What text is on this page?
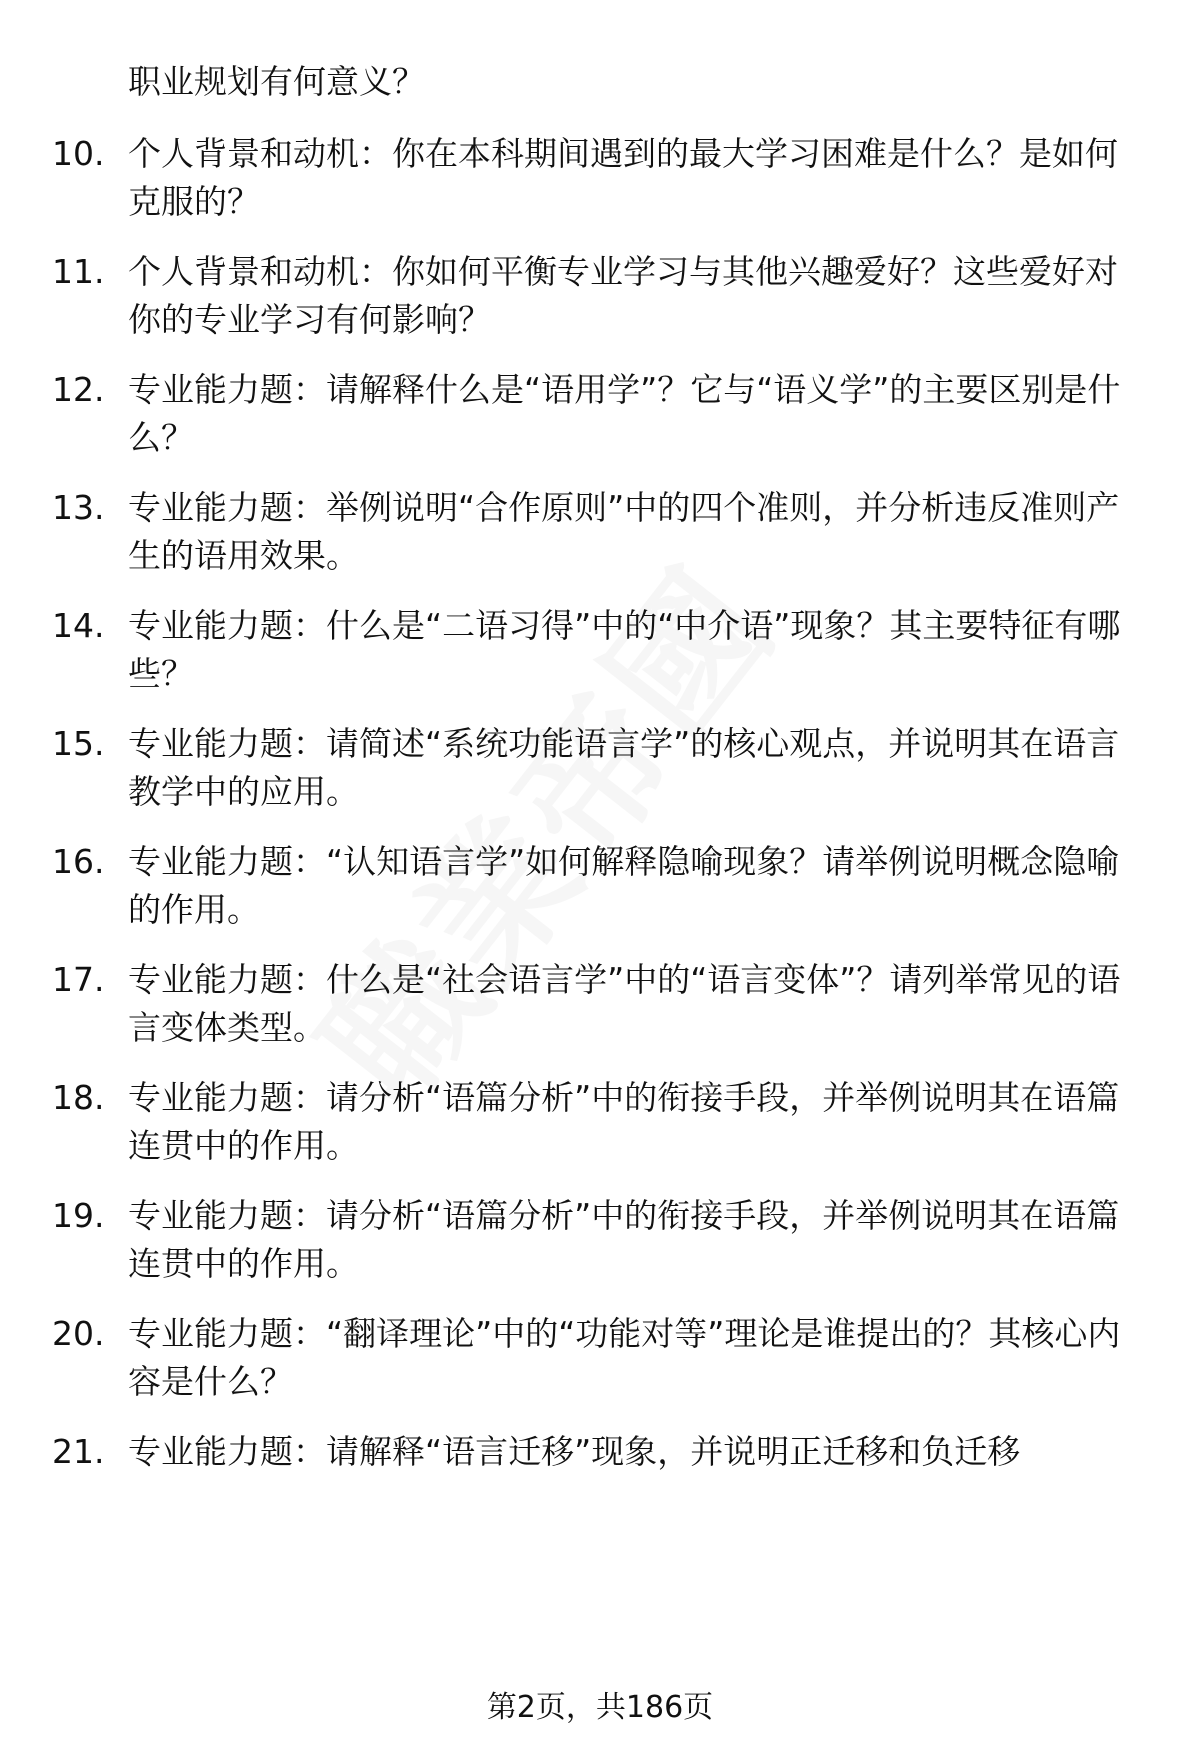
职业规划有何意义？

10. 个人背景和动机：你在本科期间遇到的最大学习困难是什么？是如何克服的？

11. 个人背景和动机：你如何平衡专业学习与其他兴趣爱好？这些爱好对你的专业学习有何影响？

12. 专业能力题：请解释什么是“语用学”？它与“语义学”的主要区别是什么？

13. 专业能力题：举例说明“合作原则”中的四个准则，并分析违反准则产生的语用效果。

14. 专业能力题：什么是“二语习得”中的“中介语”现象？其主要特征有哪些？

15. 专业能力题：请简述“系统功能语言学”的核心观点，并说明其在语言教学中的应用。

16. 专业能力题：“认知语言学”如何解释隐喻现象？请举例说明概念隐喻的作用。

17. 专业能力题：什么是“社会语言学”中的“语言变体”？请列举常见的语言变体类型。

18. 专业能力题：请分析“语篇分析”中的衔接手段，并举例说明其在语篇连贯中的作用。

19. 专业能力题：请分析“语篇分析”中的衔接手段，并举例说明其在语篇连贯中的作用。

20. 专业能力题：“翻译理论”中的“功能对等”理论是谁提出的？其核心内容是什么？

21. 专业能力题：请解释“语言迁移”现象，并说明正迁移和负迁移

第2页，共186页
